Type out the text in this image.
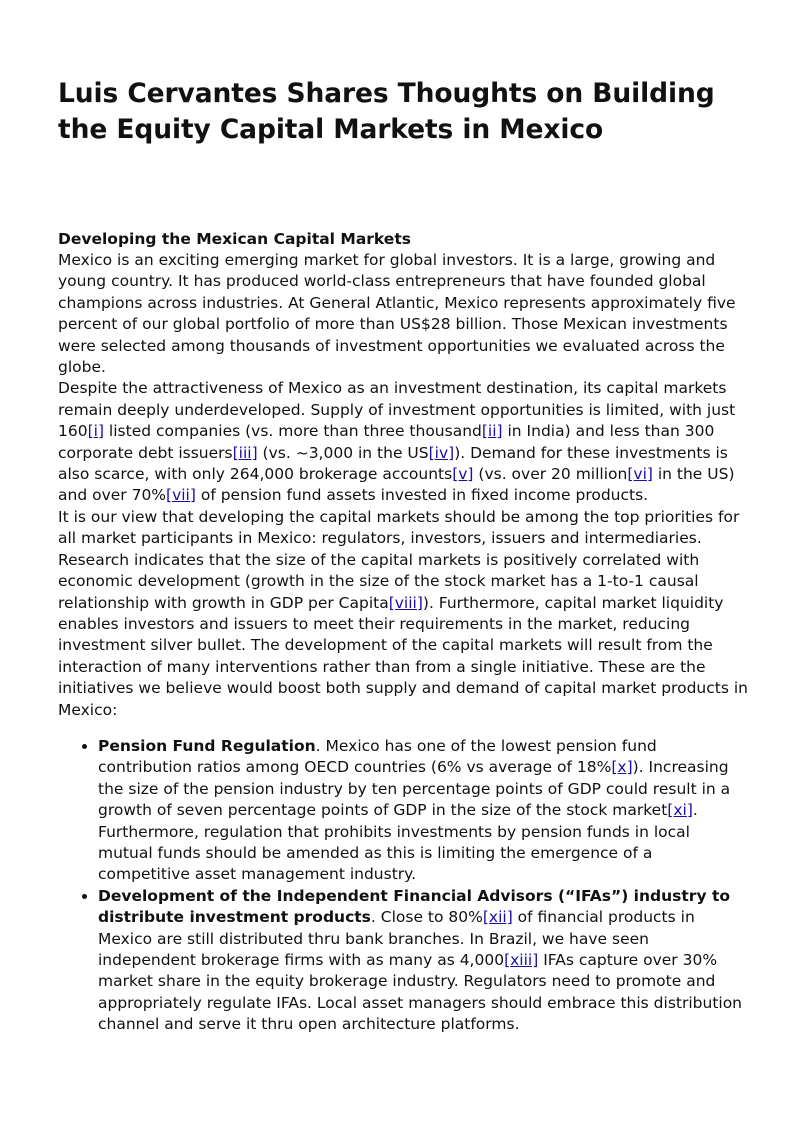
Luis Cervantes Shares Thoughts on Building the Equity Capital Markets in Mexico
Developing the Mexican Capital Markets

Mexico is an exciting emerging market for global investors. It is a large, growing and young country. It has produced world-class entrepreneurs that have founded global champions across industries. At General Atlantic, Mexico represents approximately five percent of our global portfolio of more than US$28 billion. Those Mexican investments were selected among thousands of investment opportunities we evaluated across the globe.

Despite the attractiveness of Mexico as an investment destination, its capital markets remain deeply underdeveloped. Supply of investment opportunities is limited, with just 160[i] listed companies (vs. more than three thousand[ii] in India) and less than 300 corporate debt issuers[iii] (vs. ~3,000 in the US[iv]). Demand for these investments is also scarce, with only 264,000 brokerage accounts[v] (vs. over 20 million[vi] in the US) and over 70%[vii] of pension fund assets invested in fixed income products.

It is our view that developing the capital markets should be among the top priorities for all market participants in Mexico: regulators, investors, issuers and intermediaries. Research indicates that the size of the capital markets is positively correlated with economic development (growth in the size of the stock market has a 1-to-1 causal relationship with growth in GDP per Capita[viii]). Furthermore, capital market liquidity enables investors and issuers to meet their requirements in the market, reducing investment silver bullet. The development of the capital markets will result from the interaction of many interventions rather than from a single initiative. These are the initiatives we believe would boost both supply and demand of capital market products in Mexico:

• Pension Fund Regulation. Mexico has one of the lowest pension fund contribution ratios among OECD countries (6% vs average of 18%[x]). Increasing the size of the pension industry by ten percentage points of GDP could result in a growth of seven percentage points of GDP in the size of the stock market[xi]. Furthermore, regulation that prohibits investments by pension funds in local mutual funds should be amended as this is limiting the emergence of a competitive asset management industry.
• Development of the Independent Financial Advisors (“IFAs”) industry to distribute investment products. Close to 80%[xii] of financial products in Mexico are still distributed thru bank branches. In Brazil, we have seen independent brokerage firms with as many as 4,000[xiii] IFAs capture over 30% market share in the equity brokerage industry. Regulators need to promote and appropriately regulate IFAs. Local asset managers should embrace this distribution channel and serve it thru open architecture platforms.
